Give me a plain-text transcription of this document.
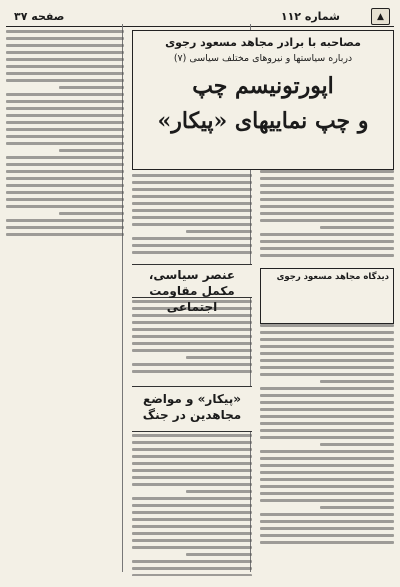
شماره ۱۱۲
صفحه ۳۷	▲
مصاحبه با برادر مجاهد مسعود رجوی
درباره سیاستها و نیروهای مختلف سیاسی (۷)
اپورتونیسم چپ
و چپ نماییهای «پیکار»
عنصر سیاسی، مکمل مقاومت اجتماعی
«پیکار» و مواضع مجاهدین در جنگ
دیدگاه مجاهد مسعود رجوی
